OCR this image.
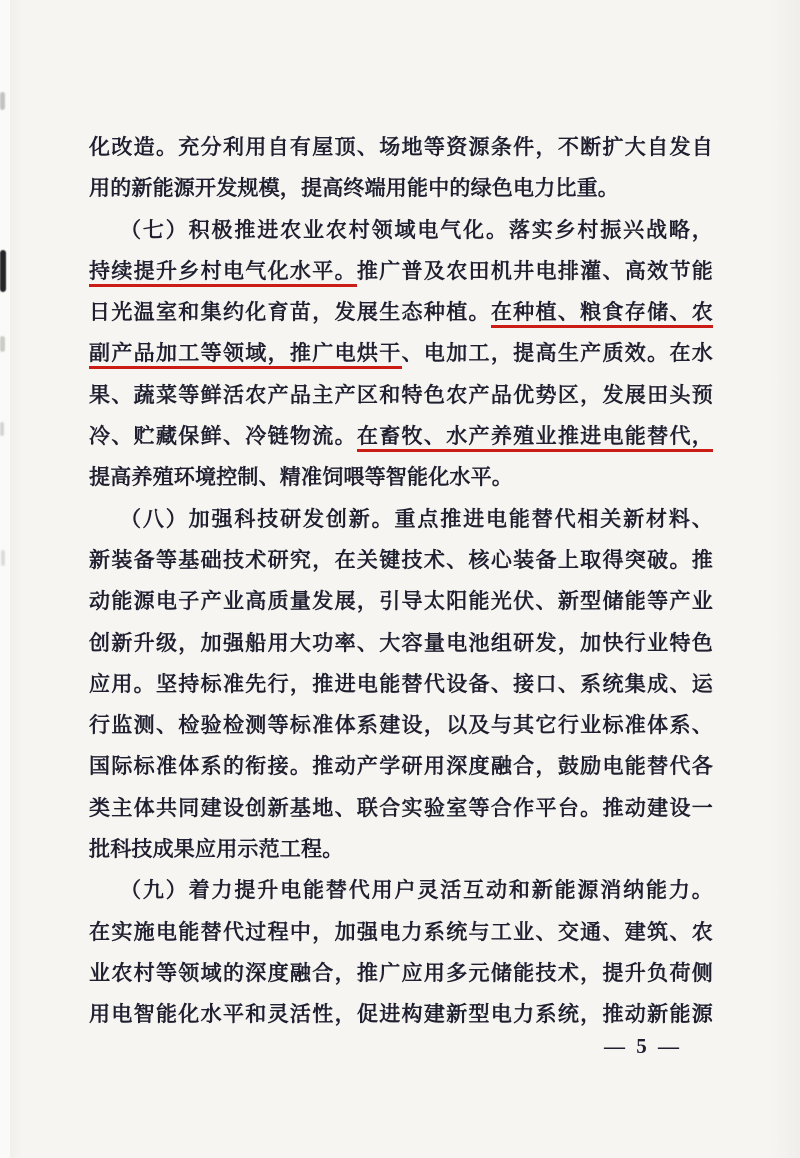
化改造。充分利用自有屋顶、场地等资源条件，不断扩大自发自
用的新能源开发规模，提高终端用能中的绿色电力比重。
（七）积极推进农业农村领域电气化。落实乡村振兴战略，
持续提升乡村电气化水平。推广普及农田机井电排灌、高效节能
日光温室和集约化育苗，发展生态种植。在种植、粮食存储、农
副产品加工等领域，推广电烘干、电加工，提高生产质效。在水
果、蔬菜等鲜活农产品主产区和特色农产品优势区，发展田头预
冷、贮藏保鲜、冷链物流。在畜牧、水产养殖业推进电能替代，
提高养殖环境控制、精准饲喂等智能化水平。
（八）加强科技研发创新。重点推进电能替代相关新材料、
新装备等基础技术研究，在关键技术、核心装备上取得突破。推
动能源电子产业高质量发展，引导太阳能光伏、新型储能等产业
创新升级，加强船用大功率、大容量电池组研发，加快行业特色
应用。坚持标准先行，推进电能替代设备、接口、系统集成、运
行监测、检验检测等标准体系建设，以及与其它行业标准体系、
国际标准体系的衔接。推动产学研用深度融合，鼓励电能替代各
类主体共同建设创新基地、联合实验室等合作平台。推动建设一
批科技成果应用示范工程。
（九）着力提升电能替代用户灵活互动和新能源消纳能力。
在实施电能替代过程中，加强电力系统与工业、交通、建筑、农
业农村等领域的深度融合，推广应用多元储能技术，提升负荷侧
用电智能化水平和灵活性，促进构建新型电力系统，推动新能源
— 5 —
